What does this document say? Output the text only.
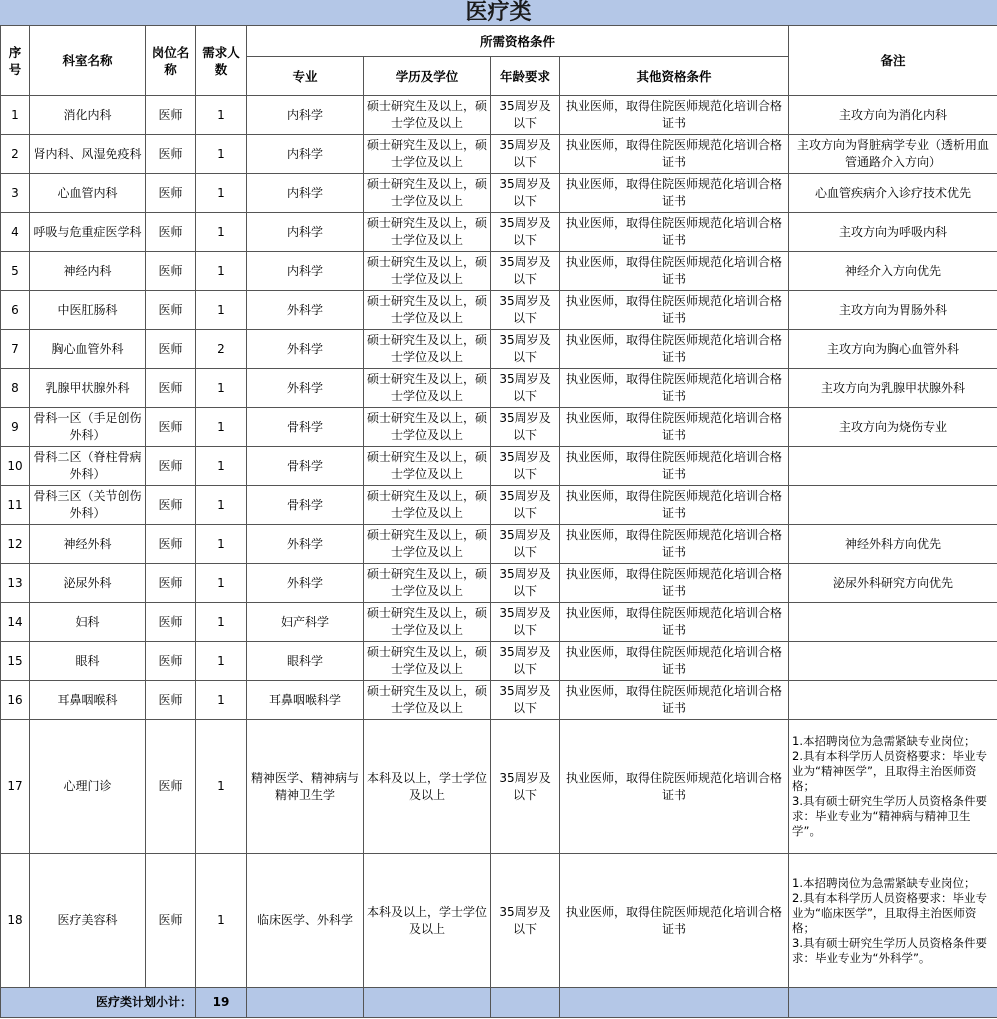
医疗类
序号	科室名称	岗位名称	需求人数	所需资格条件				备注
				专业	学历及学位	年龄要求	其他资格条件	
1	消化内科	医师	1	内科学	硕士研究生及以上，硕士学位及以上	35周岁及以下	执业医师，取得住院医师规范化培训合格证书	主攻方向为消化内科
2	肾内科、风湿免疫科	医师	1	内科学	硕士研究生及以上，硕士学位及以上	35周岁及以下	执业医师，取得住院医师规范化培训合格证书	主攻方向为肾脏病学专业（透析用血管通路介入方向）
3	心血管内科	医师	1	内科学	硕士研究生及以上，硕士学位及以上	35周岁及以下	执业医师，取得住院医师规范化培训合格证书	心血管疾病介入诊疗技术优先
4	呼吸与危重症医学科	医师	1	内科学	硕士研究生及以上，硕士学位及以上	35周岁及以下	执业医师，取得住院医师规范化培训合格证书	主攻方向为呼吸内科
5	神经内科	医师	1	内科学	硕士研究生及以上，硕士学位及以上	35周岁及以下	执业医师，取得住院医师规范化培训合格证书	神经介入方向优先
6	中医肛肠科	医师	1	外科学	硕士研究生及以上，硕士学位及以上	35周岁及以下	执业医师，取得住院医师规范化培训合格证书	主攻方向为胃肠外科
7	胸心血管外科	医师	2	外科学	硕士研究生及以上，硕士学位及以上	35周岁及以下	执业医师，取得住院医师规范化培训合格证书	主攻方向为胸心血管外科
8	乳腺甲状腺外科	医师	1	外科学	硕士研究生及以上，硕士学位及以上	35周岁及以下	执业医师，取得住院医师规范化培训合格证书	主攻方向为乳腺甲状腺外科
9	骨科一区（手足创伤外科）	医师	1	骨科学	硕士研究生及以上，硕士学位及以上	35周岁及以下	执业医师，取得住院医师规范化培训合格证书	主攻方向为烧伤专业
10	骨科二区（脊柱骨病外科）	医师	1	骨科学	硕士研究生及以上，硕士学位及以上	35周岁及以下	执业医师，取得住院医师规范化培训合格证书	
11	骨科三区（关节创伤外科）	医师	1	骨科学	硕士研究生及以上，硕士学位及以上	35周岁及以下	执业医师，取得住院医师规范化培训合格证书	
12	神经外科	医师	1	外科学	硕士研究生及以上，硕士学位及以上	35周岁及以下	执业医师，取得住院医师规范化培训合格证书	神经外科方向优先
13	泌尿外科	医师	1	外科学	硕士研究生及以上，硕士学位及以上	35周岁及以下	执业医师，取得住院医师规范化培训合格证书	泌尿外科研究方向优先
14	妇科	医师	1	妇产科学	硕士研究生及以上，硕士学位及以上	35周岁及以下	执业医师，取得住院医师规范化培训合格证书	
15	眼科	医师	1	眼科学	硕士研究生及以上，硕士学位及以上	35周岁及以下	执业医师，取得住院医师规范化培训合格证书	
16	耳鼻咽喉科	医师	1	耳鼻咽喉科学	硕士研究生及以上，硕士学位及以上	35周岁及以下	执业医师，取得住院医师规范化培训合格证书	
17	心理门诊	医师	1	精神医学、精神病与精神卫生学	本科及以上，学士学位及以上	35周岁及以下	执业医师，取得住院医师规范化培训合格证书	1.本招聘岗位为急需紧缺专业岗位；
2.具有本科学历人员资格要求：毕业专业为“精神医学”，且取得主治医师资格；
3.具有硕士研究生学历人员资格条件要求：毕业专业为“精神病与精神卫生学”。
18	医疗美容科	医师	1	临床医学、外科学	本科及以上，学士学位及以上	35周岁及以下	执业医师，取得住院医师规范化培训合格证书	1.本招聘岗位为急需紧缺专业岗位；
2.具有本科学历人员资格要求：毕业专业为“临床医学”，且取得主治医师资格；
3.具有硕士研究生学历人员资格条件要求：毕业专业为“外科学”。
医疗类计划小计：			19					
